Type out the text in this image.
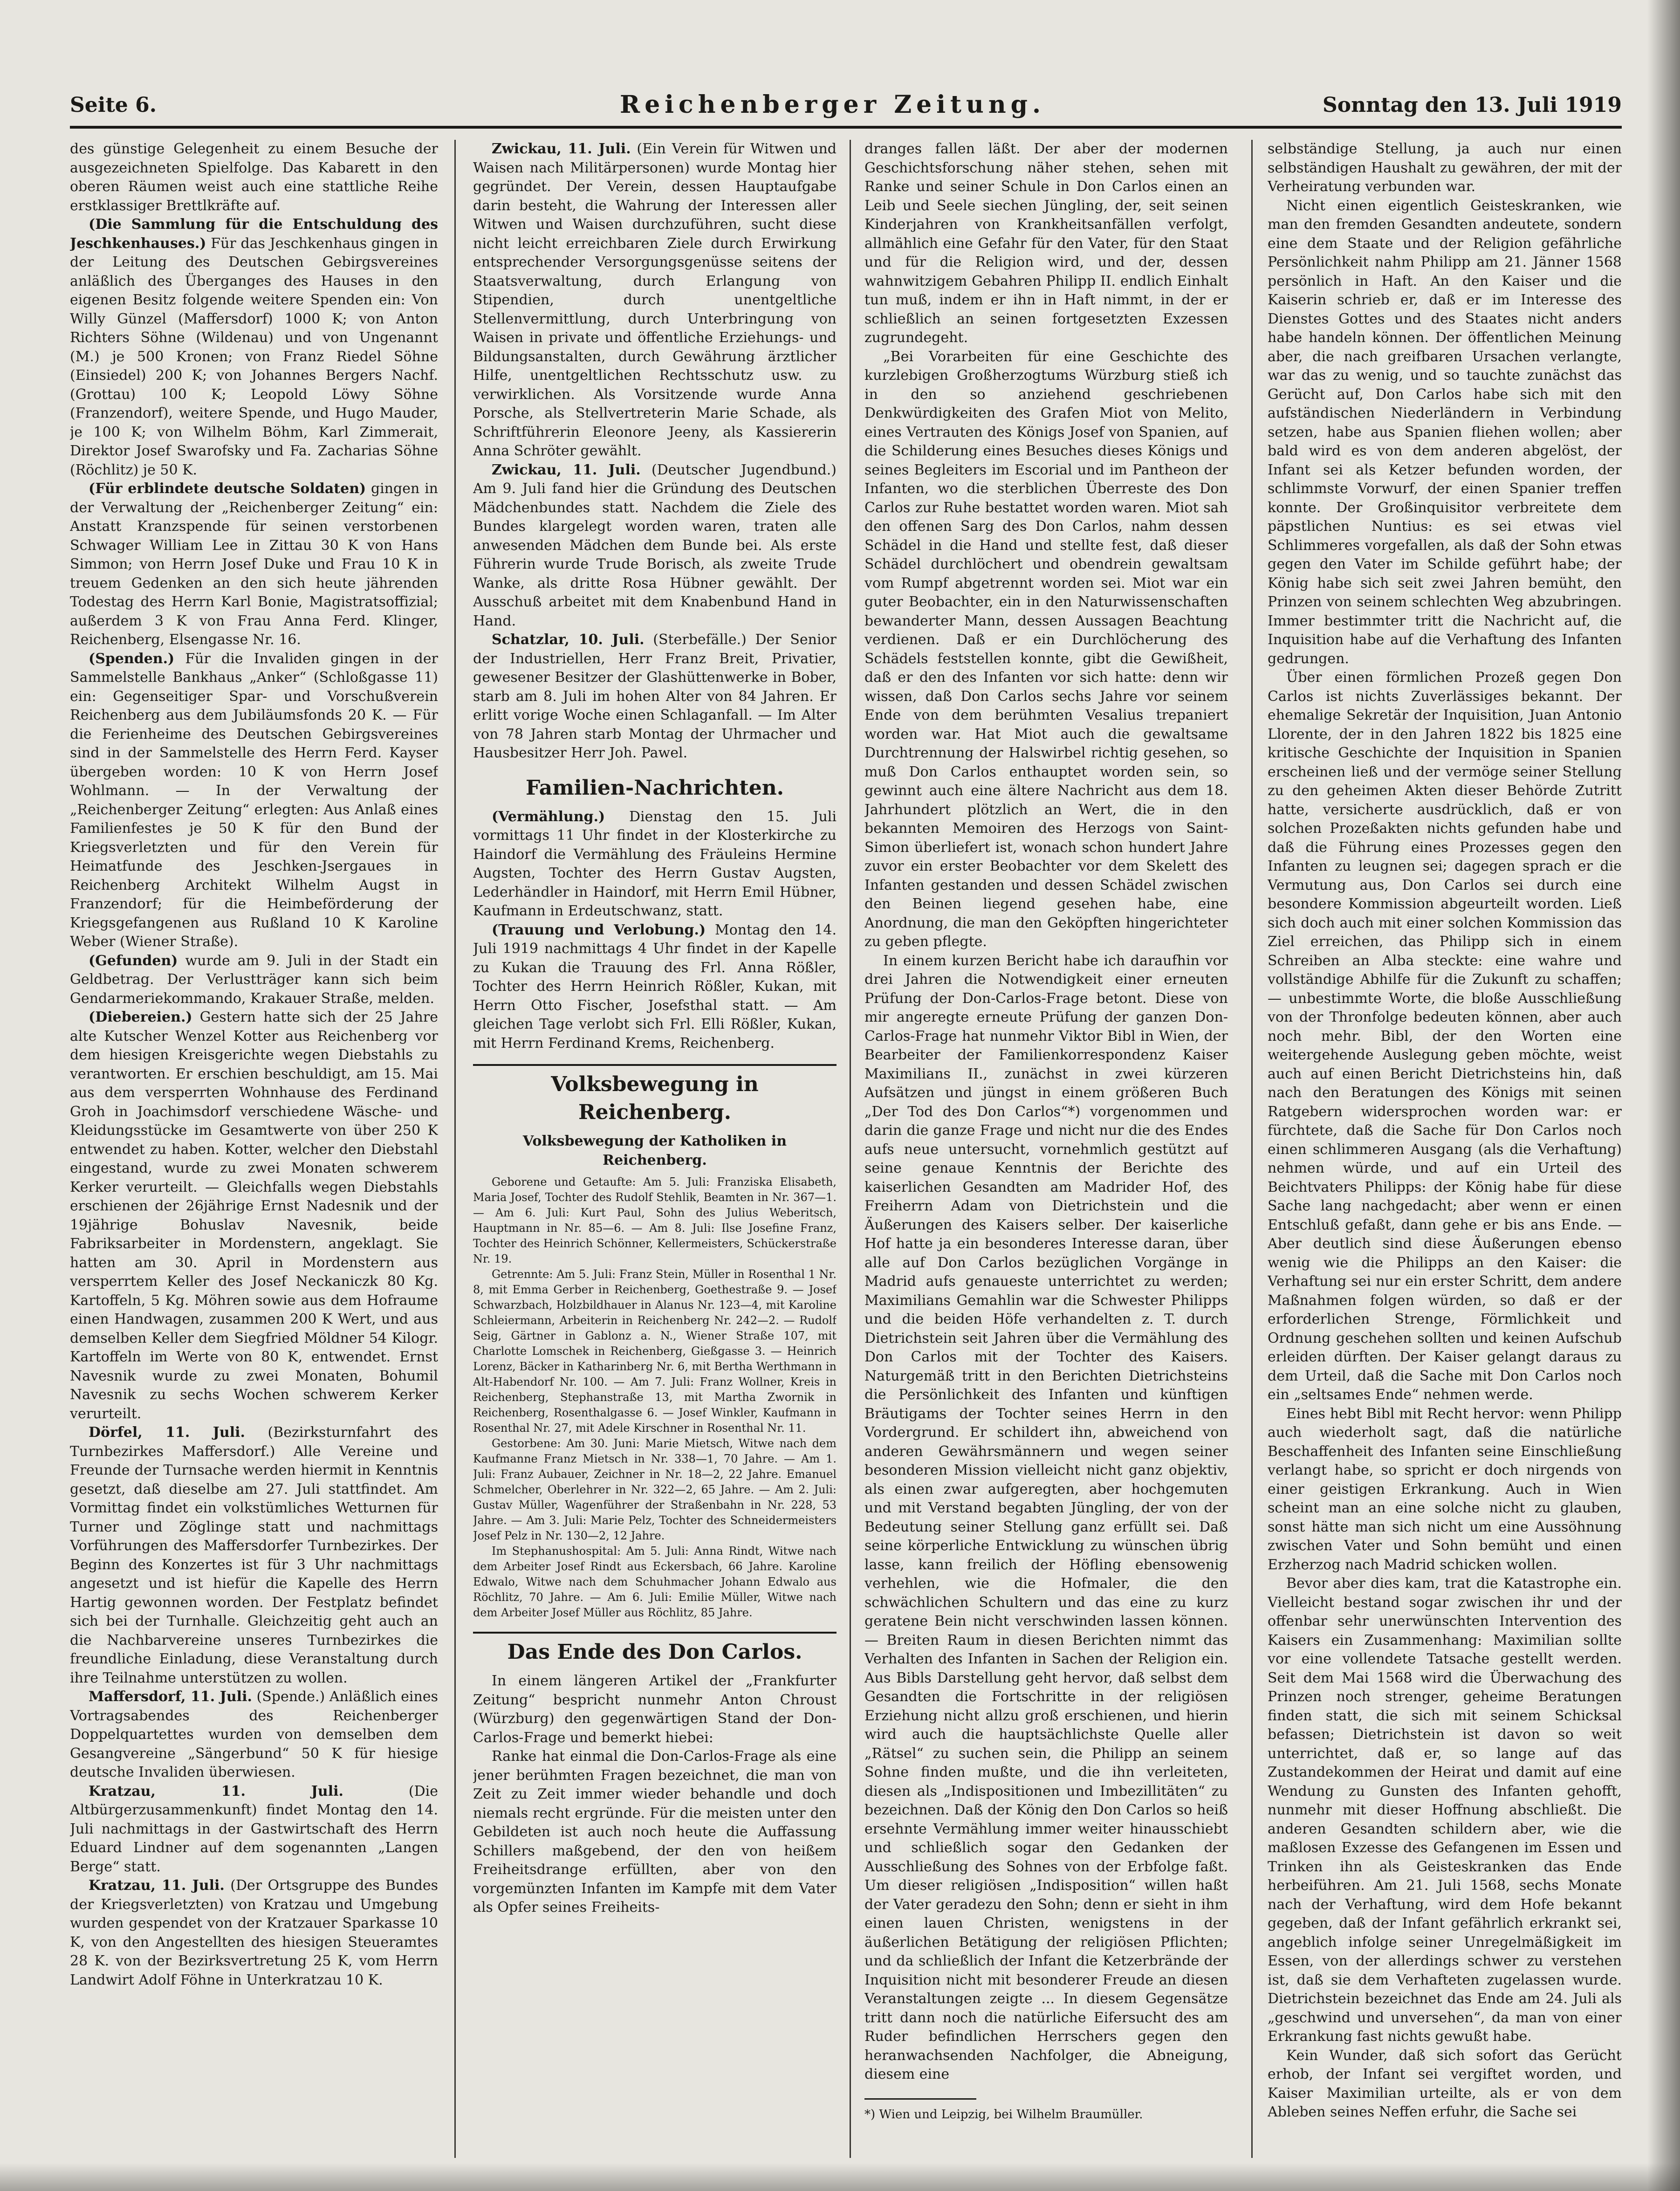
Seite 6.	Reichenberger Zeitung.	Sonntag den 13. Juli 1919

des günstige Gelegenheit zu einem Besuche der ausgezeichneten Spielfolge. Das Kabarett in den oberen Räumen weist auch eine stattliche Reihe erstklassiger Brettlkräfte auf.

(Die Sammlung für die Entschuldung des Jeschkenhauses.) Für das Jeschkenhaus gingen in der Leitung des Deutschen Gebirgsvereines anläßlich des Überganges des Hauses in den eigenen Besitz folgende weitere Spenden ein: Von Willy Günzel (Maffersdorf) 1000 K; von Anton Richters Söhne (Wildenau) und von Ungenannt (M.) je 500 Kronen; von Franz Riedel Söhne (Einsiedel) 200 K; von Johannes Bergers Nachf. (Grottau) 100 K; Leopold Löwy Söhne (Franzendorf), weitere Spende, und Hugo Mauder, je 100 K; von Wilhelm Böhm, Karl Zimmerait, Direktor Josef Swarofsky und Fa. Zacharias Söhne (Röchlitz) je 50 K.

(Für erblindete deutsche Soldaten) gingen in der Verwaltung der „Reichenberger Zeitung“ ein: Anstatt Kranzspende für seinen verstorbenen Schwager William Lee in Zittau 30 K von Hans Simmon; von Herrn Josef Duke und Frau 10 K in treuem Gedenken an den sich heute jährenden Todestag des Herrn Karl Bonie, Magistratsoffizial; außerdem 3 K von Frau Anna Ferd. Klinger, Reichenberg, Elsengasse Nr. 16.

(Spenden.) Für die Invaliden gingen in der Sammelstelle Bankhaus „Anker“ (Schloßgasse 11) ein: Gegenseitiger Spar- und Vorschußverein Reichenberg aus dem Jubiläumsfonds 20 K. — Für die Ferienheime des Deutschen Gebirgsvereines sind in der Sammelstelle des Herrn Ferd. Kayser übergeben worden: 10 K von Herrn Josef Wohlmann. — In der Verwaltung der „Reichenberger Zeitung“ erlegten: Aus Anlaß eines Familienfestes je 50 K für den Bund der Kriegsverletzten und für den Verein für Heimatfunde des Jeschken-Jsergaues in Reichenberg Architekt Wilhelm Augst in Franzendorf; für die Heimbeförderung der Kriegsgefangenen aus Rußland 10 K Karoline Weber (Wiener Straße).

(Gefunden) wurde am 9. Juli in der Stadt ein Geldbetrag. Der Verlustträger kann sich beim Gendarmeriekommando, Krakauer Straße, melden.

(Diebereien.) Gestern hatte sich der 25 Jahre alte Kutscher Wenzel Kotter aus Reichenberg vor dem hiesigen Kreisgerichte wegen Diebstahls zu verantworten. Er erschien beschuldigt, am 15. Mai aus dem versperrten Wohnhause des Ferdinand Groh in Joachimsdorf verschiedene Wäsche- und Kleidungsstücke im Gesamtwerte von über 250 K entwendet zu haben. Kotter, welcher den Diebstahl eingestand, wurde zu zwei Monaten schwerem Kerker verurteilt. — Gleichfalls wegen Diebstahls erschienen der 26jährige Ernst Nadesnik und der 19jährige Bohuslav Navesnik, beide Fabriksarbeiter in Mordenstern, angeklagt. Sie hatten am 30. April in Mordenstern aus versperrtem Keller des Josef Neckaniczk 80 Kg. Kartoffeln, 5 Kg. Möhren sowie aus dem Hofraume einen Handwagen, zusammen 200 K Wert, und aus demselben Keller dem Siegfried Möldner 54 Kilogr. Kartoffeln im Werte von 80 K, entwendet. Ernst Navesnik wurde zu zwei Monaten, Bohumil Navesnik zu sechs Wochen schwerem Kerker verurteilt.

Dörfel, 11. Juli. (Bezirksturnfahrt des Turnbezirkes Maffersdorf.) Alle Vereine und Freunde der Turnsache werden hiermit in Kenntnis gesetzt, daß dieselbe am 27. Juli stattfindet. Am Vormittag findet ein volkstümliches Wetturnen für Turner und Zöglinge statt und nachmittags Vorführungen des Maffersdorfer Turnbezirkes. Der Beginn des Konzertes ist für 3 Uhr nachmittags angesetzt und ist hiefür die Kapelle des Herrn Hartig gewonnen worden. Der Festplatz befindet sich bei der Turnhalle. Gleichzeitig geht auch an die Nachbarvereine unseres Turnbezirkes die freundliche Einladung, diese Veranstaltung durch ihre Teilnahme unterstützen zu wollen.

Maffersdorf, 11. Juli. (Spende.) Anläßlich eines Vortragsabendes des Reichenberger Doppelquartettes wurden von demselben dem Gesangvereine „Sängerbund“ 50 K für hiesige deutsche Invaliden überwiesen.

Kratzau, 11. Juli.	(Die Altbürgerzusammenkunft) findet Montag den 14. Juli nachmittags in der Gastwirtschaft des Herrn Eduard Lindner auf dem sogenannten „Langen Berge“ statt.

Kratzau, 11. Juli. (Der Ortsgruppe des Bundes der Kriegsverletzten) von Kratzau und Umgebung wurden gespendet von der Kratzauer Sparkasse 10 K, von den Angestellten des hiesigen Steueramtes 28 K. von der Bezirksvertretung 25 K, vom Herrn Landwirt Adolf Föhne in Unterkratzau 10 K.

Zwickau, 11. Juli. (Ein Verein für Witwen und Waisen nach Militärpersonen) wurde Montag hier gegründet. Der Verein, dessen Hauptaufgabe darin besteht, die Wahrung der Interessen aller Witwen und Waisen durchzuführen, sucht diese nicht leicht erreichbaren Ziele durch Erwirkung entsprechender Versorgungsgenüsse seitens der Staatsverwaltung, durch Erlangung von Stipendien, durch unentgeltliche Stellenvermittlung, durch Unterbringung von Waisen in private und öffentliche Erziehungs- und Bildungsanstalten, durch Gewährung ärztlicher Hilfe, unentgeltlichen Rechtsschutz usw. zu verwirklichen. Als Vorsitzende wurde Anna Porsche, als Stellvertreterin Marie Schade, als Schriftführerin Eleonore Jeeny, als Kassiererin Anna Schröter gewählt.

Zwickau, 11. Juli. (Deutscher Jugendbund.) Am 9. Juli fand hier die Gründung des Deutschen Mädchenbundes statt. Nachdem die Ziele des Bundes klargelegt worden waren, traten alle anwesenden Mädchen dem Bunde bei. Als erste Führerin wurde Trude Borisch, als zweite Trude Wanke, als dritte Rosa Hübner gewählt. Der Ausschuß arbeitet mit dem Knabenbund Hand in Hand.

Schatzlar, 10. Juli. (Sterbefälle.) Der Senior der Industriellen, Herr Franz Breit, Privatier, gewesener Besitzer der Glashüttenwerke in Bober, starb am 8. Juli im hohen Alter von 84 Jahren. Er erlitt vorige Woche einen Schlaganfall. — Im Alter von 78 Jahren starb Montag der Uhrmacher und Hausbesitzer Herr Joh. Pawel.

Familien-Nachrichten.

(Vermählung.) Dienstag den 15. Juli vormittags 11 Uhr findet in der Klosterkirche zu Haindorf die Vermählung des Fräuleins Hermine Augsten, Tochter des Herrn Gustav Augsten, Lederhändler in Haindorf, mit Herrn Emil Hübner, Kaufmann in Erdeutschwanz, statt.

(Trauung und Verlobung.) Montag den 14. Juli 1919 nachmittags 4 Uhr findet in der Kapelle zu Kukan die Trauung des Frl. Anna Rößler, Tochter des Herrn Heinrich Rößler, Kukan, mit Herrn Otto Fischer, Josefsthal statt. — Am gleichen Tage verlobt sich Frl. Elli Rößler, Kukan, mit Herrn Ferdinand Krems, Reichenberg.

Volksbewegung in Reichenberg.
Volksbewegung der Katholiken in Reichenberg.

Geborene und Getaufte: Am 5. Juli: Franziska Elisabeth, Maria Josef, Tochter des Rudolf Stehlik, Beamten in Nr. 367—1. — Am 6. Juli: Kurt Paul, Sohn des Julius Weberitsch, Hauptmann in Nr. 85—6. — Am 8. Juli: Ilse Josefine Franz, Tochter des Heinrich Schönner, Kellermeisters, Schückerstraße Nr. 19.

Getrennte: Am 5. Juli: Franz Stein, Müller in Rosenthal 1 Nr. 8, mit Emma Gerber in Reichenberg, Goethestraße 9. — Josef Schwarzbach, Holzbildhauer in Alanus Nr. 123—4, mit Karoline Schleiermann, Arbeiterin in Reichenberg Nr. 242—2. — Rudolf Seig, Gärtner in Gablonz a. N., Wiener Straße 107, mit Charlotte Lomschek in Reichenberg, Gießgasse 3. — Heinrich Lorenz, Bäcker in Katharinberg Nr. 6, mit Bertha Werthmann in Alt-Habendorf Nr. 100. — Am 7. Juli: Franz Wollner, Kreis in Reichenberg, Stephanstraße 13, mit Martha Zwornik in Reichenberg, Rosenthalgasse 6. — Josef Winkler, Kaufmann in Rosenthal Nr. 27, mit Adele Kirschner in Rosenthal Nr. 11.

Gestorbene: Am 30. Juni: Marie Mietsch, Witwe nach dem Kaufmanne Franz Mietsch in Nr. 338—1, 70 Jahre. — Am 1. Juli: Franz Aubauer, Zeichner in Nr. 18—2, 22 Jahre. Emanuel Schmelcher, Oberlehrer in Nr. 322—2, 65 Jahre. — Am 2. Juli: Gustav Müller, Wagenführer der Straßenbahn in Nr. 228, 53 Jahre. — Am 3. Juli: Marie Pelz, Tochter des Schneidermeisters Josef Pelz in Nr. 130—2, 12 Jahre.

Im Stephanushospital: Am 5. Juli: Anna Rindt, Witwe nach dem Arbeiter Josef Rindt aus Eckersbach, 66 Jahre. Karoline Edwalo, Witwe nach dem Schuhmacher Johann Edwalo aus Röchlitz, 70 Jahre. — Am 6. Juli: Emilie Müller, Witwe nach dem Arbeiter Josef Müller aus Röchlitz, 85 Jahre.

Das Ende des Don Carlos.

In einem längeren Artikel der „Frankfurter Zeitung“ bespricht nunmehr Anton Chroust (Würzburg) den gegenwärtigen Stand der Don-Carlos-Frage und bemerkt hiebei:

Ranke hat einmal die Don-Carlos-Frage als eine jener berühmten Fragen bezeichnet, die man von Zeit zu Zeit immer wieder behandle und doch niemals recht ergründe. Für die meisten unter den Gebildeten ist auch noch heute die Auffassung Schillers maßgebend, der den von heißem Freiheitsdrange erfüllten, aber von den vorgemünzten Infanten im Kampfe mit dem Vater als Opfer seines Freiheits-

dranges fallen läßt. Der aber der modernen Geschichtsforschung näher stehen, sehen mit Ranke und seiner Schule in Don Carlos einen an Leib und Seele siechen Jüngling, der, seit seinen Kinderjahren von Krankheitsanfällen verfolgt, allmählich eine Gefahr für den Vater, für den Staat und für die Religion wird, und der, dessen wahnwitzigem Gebahren Philipp II. endlich Einhalt tun muß, indem er ihn in Haft nimmt, in der er schließlich an seinen fortgesetzten Exzessen zugrundegeht.

„Bei Vorarbeiten für eine Geschichte des kurzlebigen Großherzogtums Würzburg stieß ich in den so anziehend geschriebenen Denkwürdigkeiten des Grafen Miot von Melito, eines Vertrauten des Königs Josef von Spanien, auf die Schilderung eines Besuches dieses Königs und seines Begleiters im Escorial und im Pantheon der Infanten, wo die sterblichen Überreste des Don Carlos zur Ruhe bestattet worden waren. Miot sah den offenen Sarg des Don Carlos, nahm dessen Schädel in die Hand und stellte fest, daß dieser Schädel durchlöchert und obendrein gewaltsam vom Rumpf abgetrennt worden sei. Miot war ein guter Beobachter, ein in den Naturwissenschaften bewanderter Mann, dessen Aussagen Beachtung verdienen. Daß er ein Durchlöcherung des Schädels feststellen konnte, gibt die Gewißheit, daß er den des Infanten vor sich hatte: denn wir wissen, daß Don Carlos sechs Jahre vor seinem Ende von dem berühmten Vesalius trepaniert worden war. Hat Miot auch die gewaltsame Durchtrennung der Halswirbel richtig gesehen, so muß Don Carlos enthauptet worden sein, so gewinnt auch eine ältere Nachricht aus dem 18. Jahrhundert plötzlich an Wert, die in den bekannten Memoiren des Herzogs von Saint-Simon überliefert ist, wonach schon hundert Jahre zuvor ein erster Beobachter vor dem Skelett des Infanten gestanden und dessen Schädel zwischen den Beinen liegend gesehen habe, eine Anordnung, die man den Geköpften hingerichteter zu geben pflegte.

In einem kurzen Bericht habe ich daraufhin vor drei Jahren die Notwendigkeit einer erneuten Prüfung der Don-Carlos-Frage betont. Diese von mir angeregte erneute Prüfung der ganzen Don-Carlos-Frage hat nunmehr Viktor Bibl in Wien, der Bearbeiter der Familienkorrespondenz Kaiser Maximilians II., zunächst in zwei kürzeren Aufsätzen und jüngst in einem größeren Buch „Der Tod des Don Carlos“*) vorgenommen und darin die ganze Frage und nicht nur die des Endes aufs neue untersucht, vornehmlich gestützt auf seine genaue Kenntnis der Berichte des kaiserlichen Gesandten am Madrider Hof, des Freiherrn Adam von Dietrichstein und die Äußerungen des Kaisers selber. Der kaiserliche Hof hatte ja ein besonderes Interesse daran, über alle auf Don Carlos bezüglichen Vorgänge in Madrid aufs genaueste unterrichtet zu werden; Maximilians Gemahlin war die Schwester Philipps und die beiden Höfe verhandelten z. T. durch Dietrichstein seit Jahren über die Vermählung des Don Carlos mit der Tochter des Kaisers. Naturgemäß tritt in den Berichten Dietrichsteins die Persönlichkeit des Infanten und künftigen Bräutigams der Tochter seines Herrn in den Vordergrund. Er schildert ihn, abweichend von anderen Gewährsmännern und wegen seiner besonderen Mission vielleicht nicht ganz objektiv, als einen zwar aufgeregten, aber hochgemuten und mit Verstand begabten Jüngling, der von der Bedeutung seiner Stellung ganz erfüllt sei. Daß seine körperliche Entwicklung zu wünschen übrig lasse, kann freilich der Höfling ebensowenig verhehlen, wie die Hofmaler, die den schwächlichen Schultern und das eine zu kurz geratene Bein nicht verschwinden lassen können. — Breiten Raum in diesen Berichten nimmt das Verhalten des Infanten in Sachen der Religion ein. Aus Bibls Darstellung geht hervor, daß selbst dem Gesandten die Fortschritte in der religiösen Erziehung nicht allzu groß erschienen, und hierin wird auch die hauptsächlichste Quelle aller „Rätsel“ zu suchen sein, die Philipp an seinem Sohne finden mußte, und die ihn verleiteten, diesen als „Indispositionen und Imbezillitäten“ zu bezeichnen. Daß der König den Don Carlos so heiß ersehnte Vermählung immer weiter hinausschiebt und schließlich sogar den Gedanken der Ausschließung des Sohnes von der Erbfolge faßt. Um dieser religiösen „Indisposition“ willen haßt der Vater geradezu den Sohn; denn er sieht in ihm einen lauen Christen, wenigstens in der äußerlichen Betätigung der religiösen Pflichten; und da schließlich der Infant die Ketzerbrände der Inquisition nicht mit besonderer Freude an diesen Veranstaltungen zeigte ... In diesem Gegensätze tritt dann noch die natürliche Eifersucht des am Ruder befindlichen Herrschers gegen den heranwachsenden Nachfolger, die Abneigung, diesem eine

*) Wien und Leipzig, bei Wilhelm Braumüller.

selbständige Stellung, ja auch nur einen selbständigen Haushalt zu gewähren, der mit der Verheiratung verbunden war.

Nicht einen eigentlich Geisteskranken, wie man den fremden Gesandten andeutete, sondern eine dem Staate und der Religion gefährliche Persönlichkeit nahm Philipp am 21. Jänner 1568 persönlich in Haft. An den Kaiser und die Kaiserin schrieb er, daß er im Interesse des Dienstes Gottes und des Staates nicht anders habe handeln können. Der öffentlichen Meinung aber, die nach greifbaren Ursachen verlangte, war das zu wenig, und so tauchte zunächst das Gerücht auf, Don Carlos habe sich mit den aufständischen Niederländern in Verbindung setzen, habe aus Spanien fliehen wollen; aber bald wird es von dem anderen abgelöst, der Infant sei als Ketzer befunden worden, der schlimmste Vorwurf, der einen Spanier treffen konnte. Der Großinquisitor verbreitete dem päpstlichen Nuntius: es sei etwas viel Schlimmeres vorgefallen, als daß der Sohn etwas gegen den Vater im Schilde geführt habe; der König habe sich seit zwei Jahren bemüht, den Prinzen von seinem schlechten Weg abzubringen. Immer bestimmter tritt die Nachricht auf, die Inquisition habe auf die Verhaftung des Infanten gedrungen.

Über einen förmlichen Prozeß gegen Don Carlos ist nichts Zuverlässiges bekannt. Der ehemalige Sekretär der Inquisition, Juan Antonio Llorente, der in den Jahren 1822 bis 1825 eine kritische Geschichte der Inquisition in Spanien erscheinen ließ und der vermöge seiner Stellung zu den geheimen Akten dieser Behörde Zutritt hatte, versicherte ausdrücklich, daß er von solchen Prozeßakten nichts gefunden habe und daß die Führung eines Prozesses gegen den Infanten zu leugnen sei; dagegen sprach er die Vermutung aus, Don Carlos sei durch eine besondere Kommission abgeurteilt worden. Ließ sich doch auch mit einer solchen Kommission das Ziel erreichen, das Philipp sich in einem Schreiben an Alba steckte: eine wahre und vollständige Abhilfe für die Zukunft zu schaffen; — unbestimmte Worte, die bloße Ausschließung von der Thronfolge bedeuten können, aber auch noch mehr. Bibl, der den Worten eine weitergehende Auslegung geben möchte, weist auch auf einen Bericht Dietrichsteins hin, daß nach den Beratungen des Königs mit seinen Ratgebern widersprochen worden war: er fürchtete, daß die Sache für Don Carlos noch einen schlimmeren Ausgang (als die Verhaftung) nehmen würde, und auf ein Urteil des Beichtvaters Philipps: der König habe für diese Sache lang nachgedacht; aber wenn er einen Entschluß gefaßt, dann gehe er bis ans Ende. — Aber deutlich sind diese Äußerungen ebenso wenig wie die Philipps an den Kaiser: die Verhaftung sei nur ein erster Schritt, dem andere Maßnahmen folgen würden, so daß er der erforderlichen Strenge, Förmlichkeit und Ordnung geschehen sollten und keinen Aufschub erleiden dürften. Der Kaiser gelangt daraus zu dem Urteil, daß die Sache mit Don Carlos noch ein „seltsames Ende“ nehmen werde.

Eines hebt Bibl mit Recht hervor: wenn Philipp auch wiederholt sagt, daß die natürliche Beschaffenheit des Infanten seine Einschließung verlangt habe, so spricht er doch nirgends von einer geistigen Erkrankung. Auch in Wien scheint man an eine solche nicht zu glauben, sonst hätte man sich nicht um eine Aussöhnung zwischen Vater und Sohn bemüht und einen Erzherzog nach Madrid schicken wollen.

Bevor aber dies kam, trat die Katastrophe ein. Vielleicht bestand sogar zwischen ihr und der offenbar sehr unerwünschten Intervention des Kaisers ein Zusammenhang: Maximilian sollte vor eine vollendete Tatsache gestellt werden. Seit dem Mai 1568 wird die Überwachung des Prinzen noch strenger, geheime Beratungen finden statt, die sich mit seinem Schicksal befassen; Dietrichstein ist davon so weit unterrichtet, daß er, so lange auf das Zustandekommen der Heirat und damit auf eine Wendung zu Gunsten des Infanten gehofft, nunmehr mit dieser Hoffnung abschließt. Die anderen Gesandten schildern aber, wie die maßlosen Exzesse des Gefangenen im Essen und Trinken ihn als Geisteskranken das Ende herbeiführen. Am 21. Juli 1568, sechs Monate nach der Verhaftung, wird dem Hofe bekannt gegeben, daß der Infant gefährlich erkrankt sei, angeblich infolge seiner Unregelmäßigkeit im Essen, von der allerdings schwer zu verstehen ist, daß sie dem Verhafteten zugelassen wurde. Dietrichstein bezeichnet das Ende am 24. Juli als „geschwind und unversehen“, da man von einer Erkrankung fast nichts gewußt habe.

Kein Wunder, daß sich sofort das Gerücht erhob, der Infant sei vergiftet worden, und Kaiser Maximilian urteilte, als er von dem Ableben seines Neffen erfuhr, die Sache sei
